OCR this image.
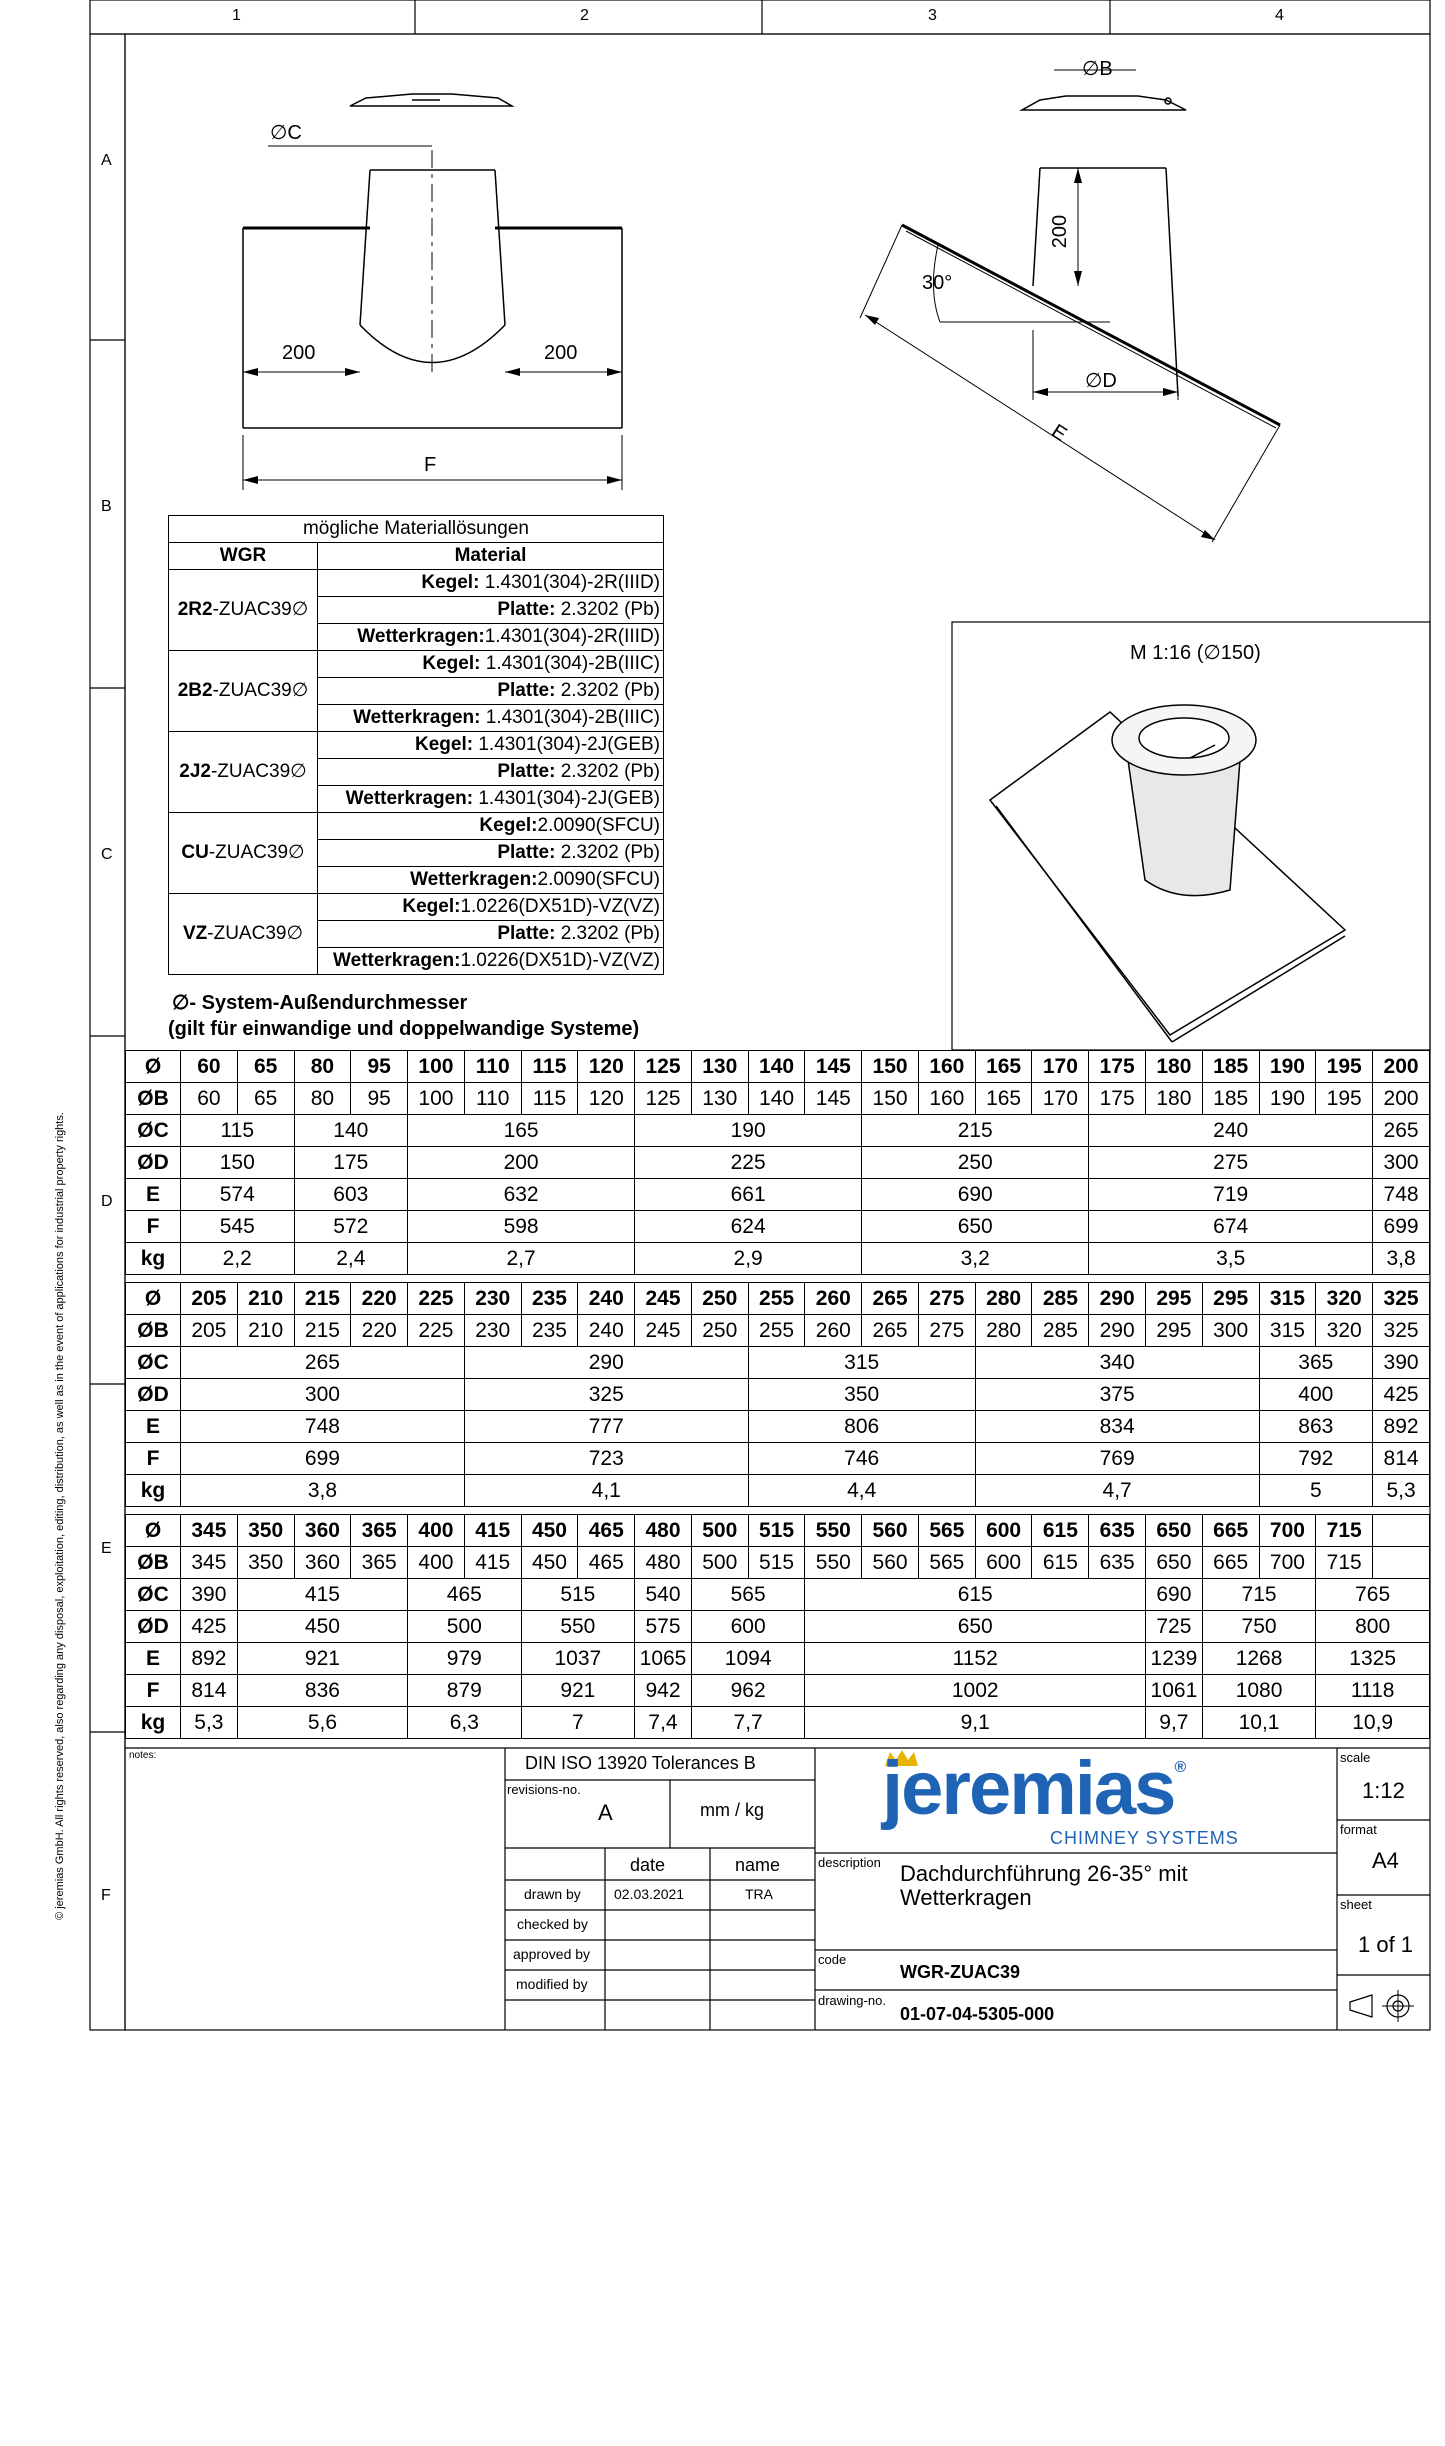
1	2	3	4
A
B
C
D
E
F
© jeremias GmbH. All rights reserved, also regarding any disposal, exploitation, editing, distribution, as well as in the event of applications for industrial property rights.
∅C
200	200
F
∅B
200
30°
∅D
E
M 1:16 (∅150)
mögliche Materiallösungen	
WGR	Material
2R2-ZUAC39∅	Kegel: 1.4301(304)-2R(IIID)
	Platte: 2.3202 (Pb)
	Wetterkragen:1.4301(304)-2R(IIID)
2B2-ZUAC39∅	Kegel: 1.4301(304)-2B(IIIC)
	Platte: 2.3202 (Pb)
	Wetterkragen: 1.4301(304)-2B(IIIC)
2J2-ZUAC39∅	Kegel: 1.4301(304)-2J(GEB)
	Platte: 2.3202 (Pb)
	Wetterkragen: 1.4301(304)-2J(GEB)
CU-ZUAC39∅	Kegel:2.0090(SFCU)
	Platte: 2.3202 (Pb)
	Wetterkragen:2.0090(SFCU)
VZ-ZUAC39∅	Kegel:1.0226(DX51D)-VZ(VZ)
	Platte: 2.3202 (Pb)
	Wetterkragen:1.0226(DX51D)-VZ(VZ)
∅- System-Außendurchmesser
(gilt für einwandige und doppelwandige Systeme)
Ø	60	65	80	95	100	110	115	120	125	130	140	145	150	160	165	170	175	180	185	190	195	200
ØB	60	65	80	95	100	110	115	120	125	130	140	145	150	160	165	170	175	180	185	190	195	200
ØC	115		140		165				190				215				240					265
ØD	150		175		200				225				250				275					300
E	574		603		632				661				690				719					748
F	545		572		598				624				650				674					699
kg	2,2		2,4		2,7				2,9				3,2				3,5					3,8
Ø	205	210	215	220	225	230	235	240	245	250	255	260	265	275	280	285	290	295	295	315	320	325
ØB	205	210	215	220	225	230	235	240	245	250	255	260	265	275	280	285	290	295	300	315	320	325
ØC	265					290					315				340					365		390
ØD	300					325					350				375					400		425
E	748					777					806				834					863		892
F	699					723					746				769					792		814
kg	3,8					4,1					4,4				4,7					5		5,3
Ø	345	350	360	365	400	415	450	465	480	500	515	550	560	565	600	615	635	650	665	700	715	
ØB	345	350	360	365	400	415	450	465	480	500	515	550	560	565	600	615	635	650	665	700	715	
ØC	390	415			465		515		540	565		615						690	715		765	
ØD	425	450			500		550		575	600		650						725	750		800	
E	892	921			979		1037		1065	1094		1152						1239	1268		1325	
F	814	836			879		921		942	962		1002						1061	1080		1118	
kg	5,3	5,6			6,3		7		7,4	7,7		9,1						9,7	10,1		10,9	
notes:	DIN ISO 13920 Tolerances B
revisions-no.
A	mm / kg
date	name
drawn by 02.03.2021	TRA
checked by
approved by
modified by
jeremias®
CHIMNEY SYSTEMS
description Dachdurchführung 26-35° mit
Wetterkragen
code
WGR-ZUAC39
drawing-no.
01-07-04-5305-000
scale
1:12
format
A4
sheet
1 of 1
